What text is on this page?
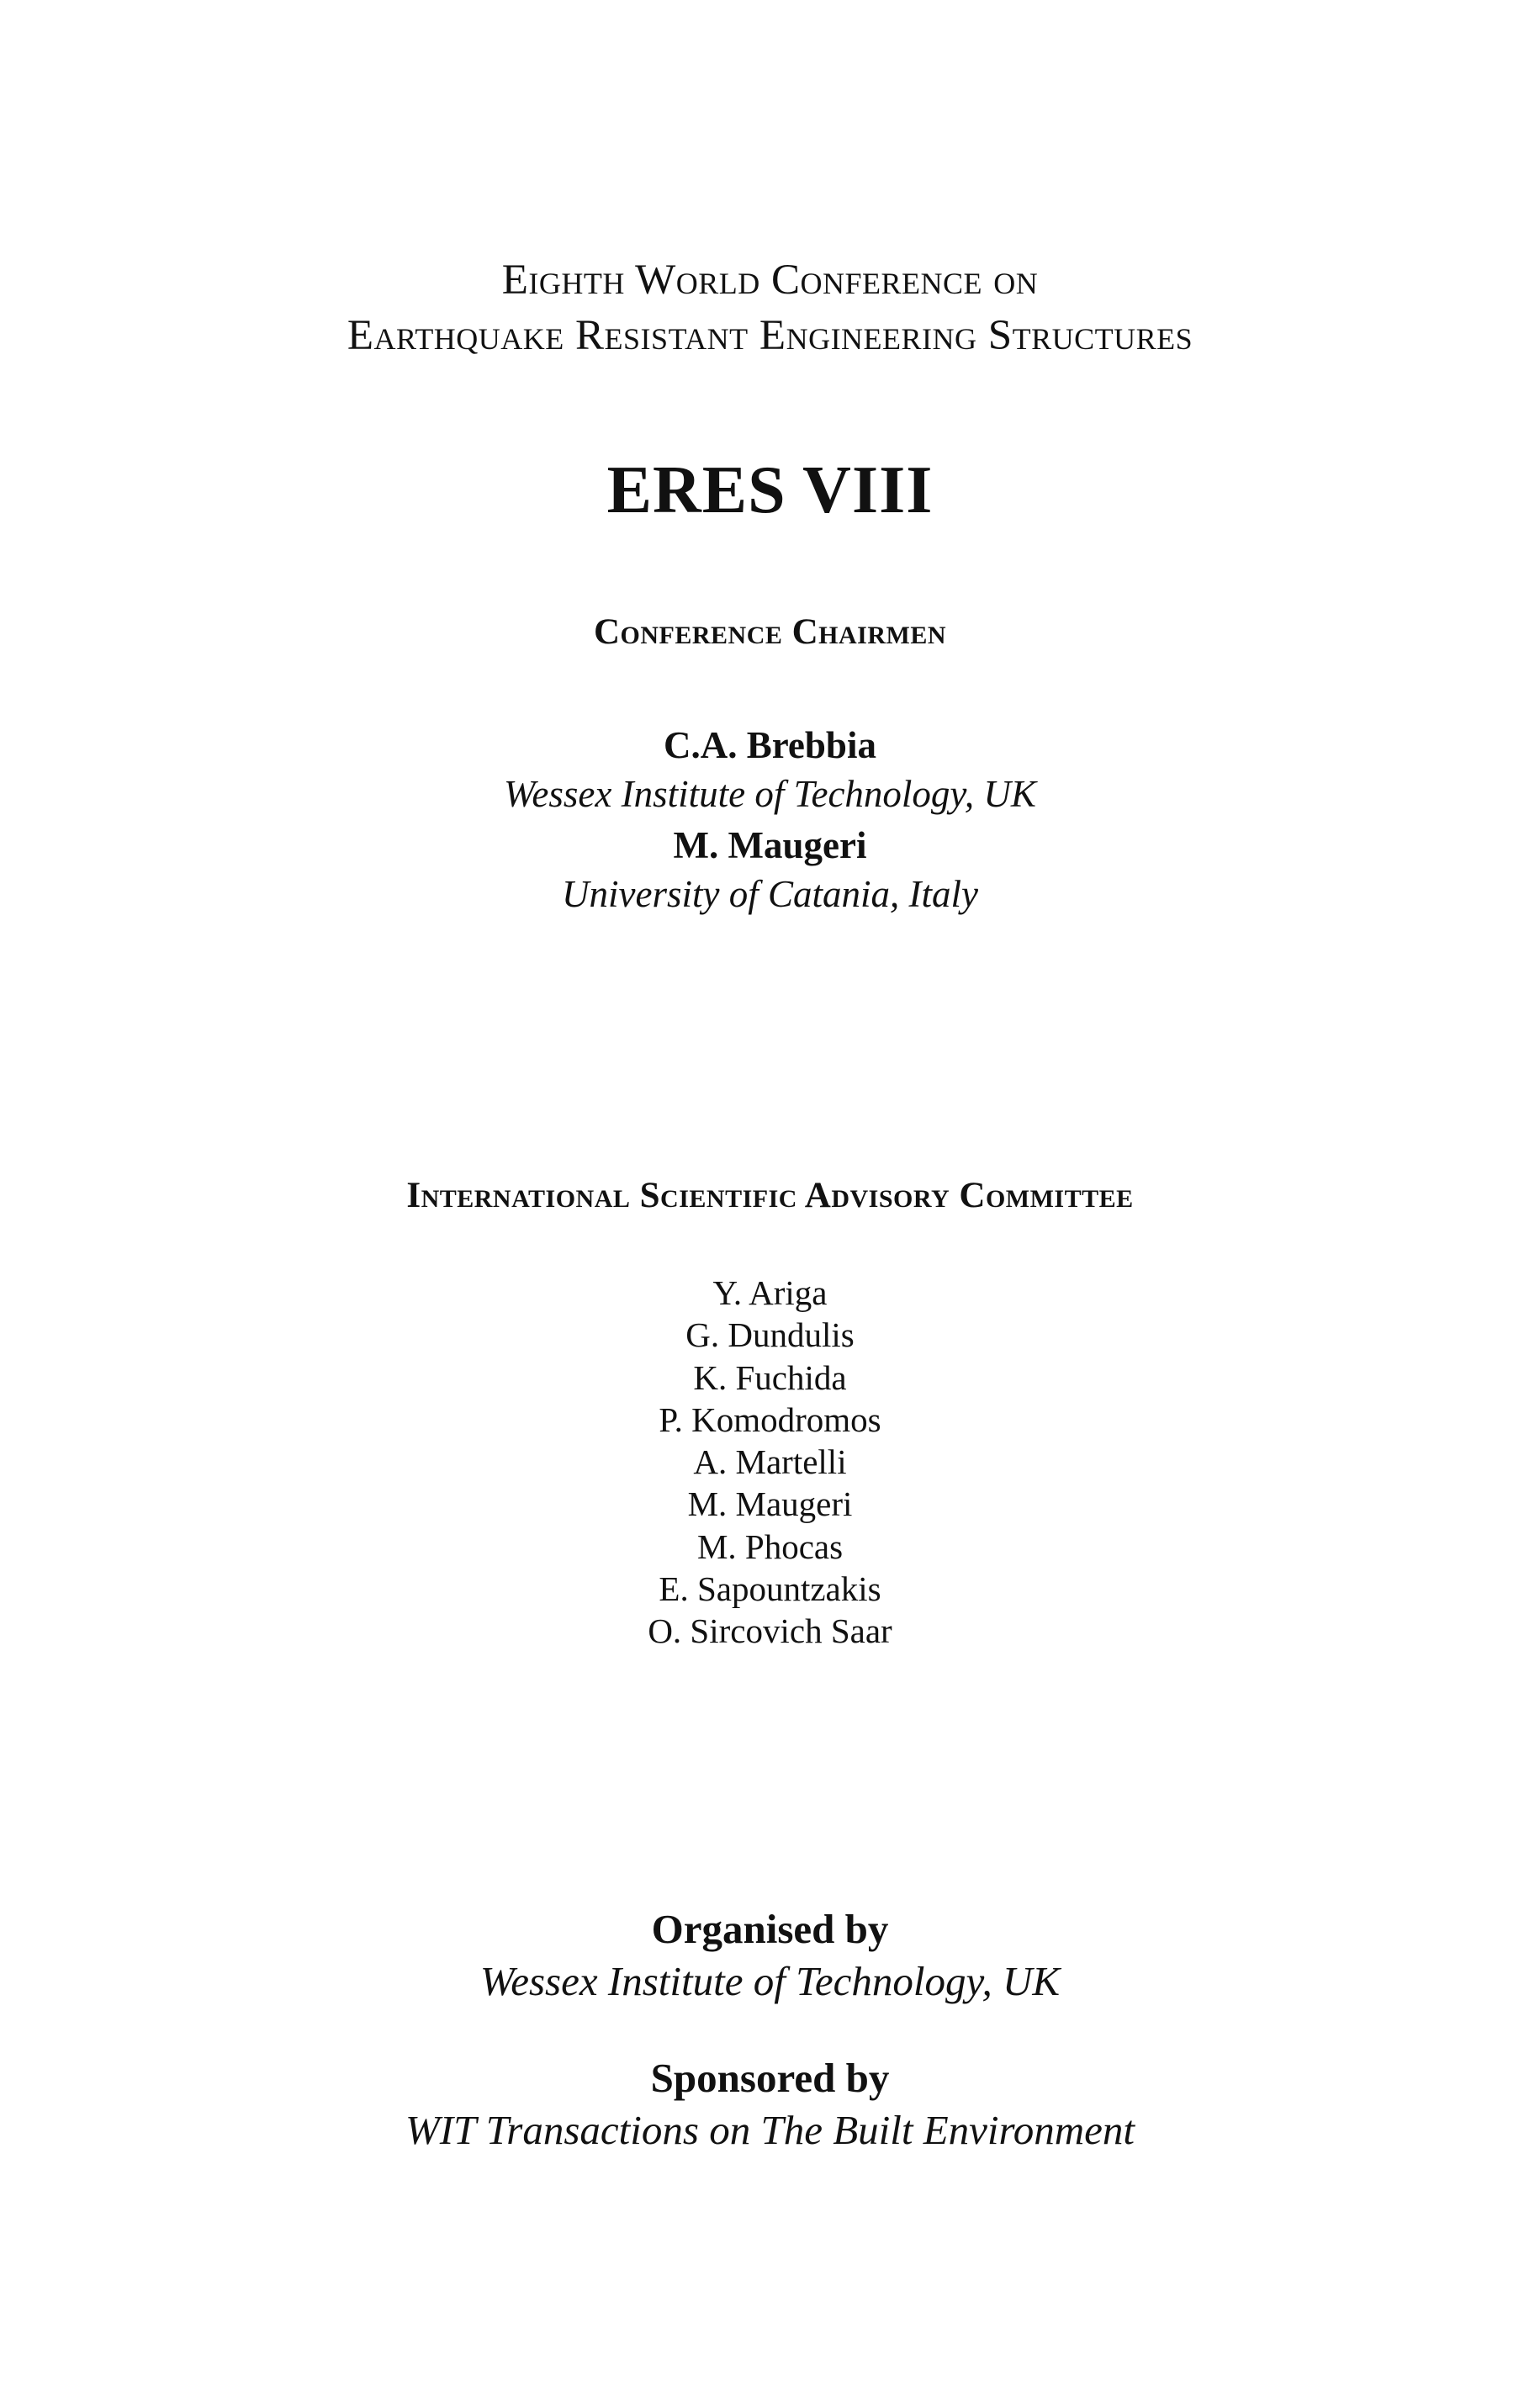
Eighth World Conference on
Earthquake Resistant Engineering Structures
ERES VIII
Conference Chairmen
C.A. Brebbia
Wessex Institute of Technology, UK
M. Maugeri
University of Catania, Italy
International Scientific Advisory Committee
Y. Ariga
G. Dundulis
K. Fuchida
P. Komodromos
A. Martelli
M. Maugeri
M. Phocas
E. Sapountzakis
O. Sircovich Saar
Organised by
Wessex Institute of Technology, UK
Sponsored by
WIT Transactions on The Built Environment
